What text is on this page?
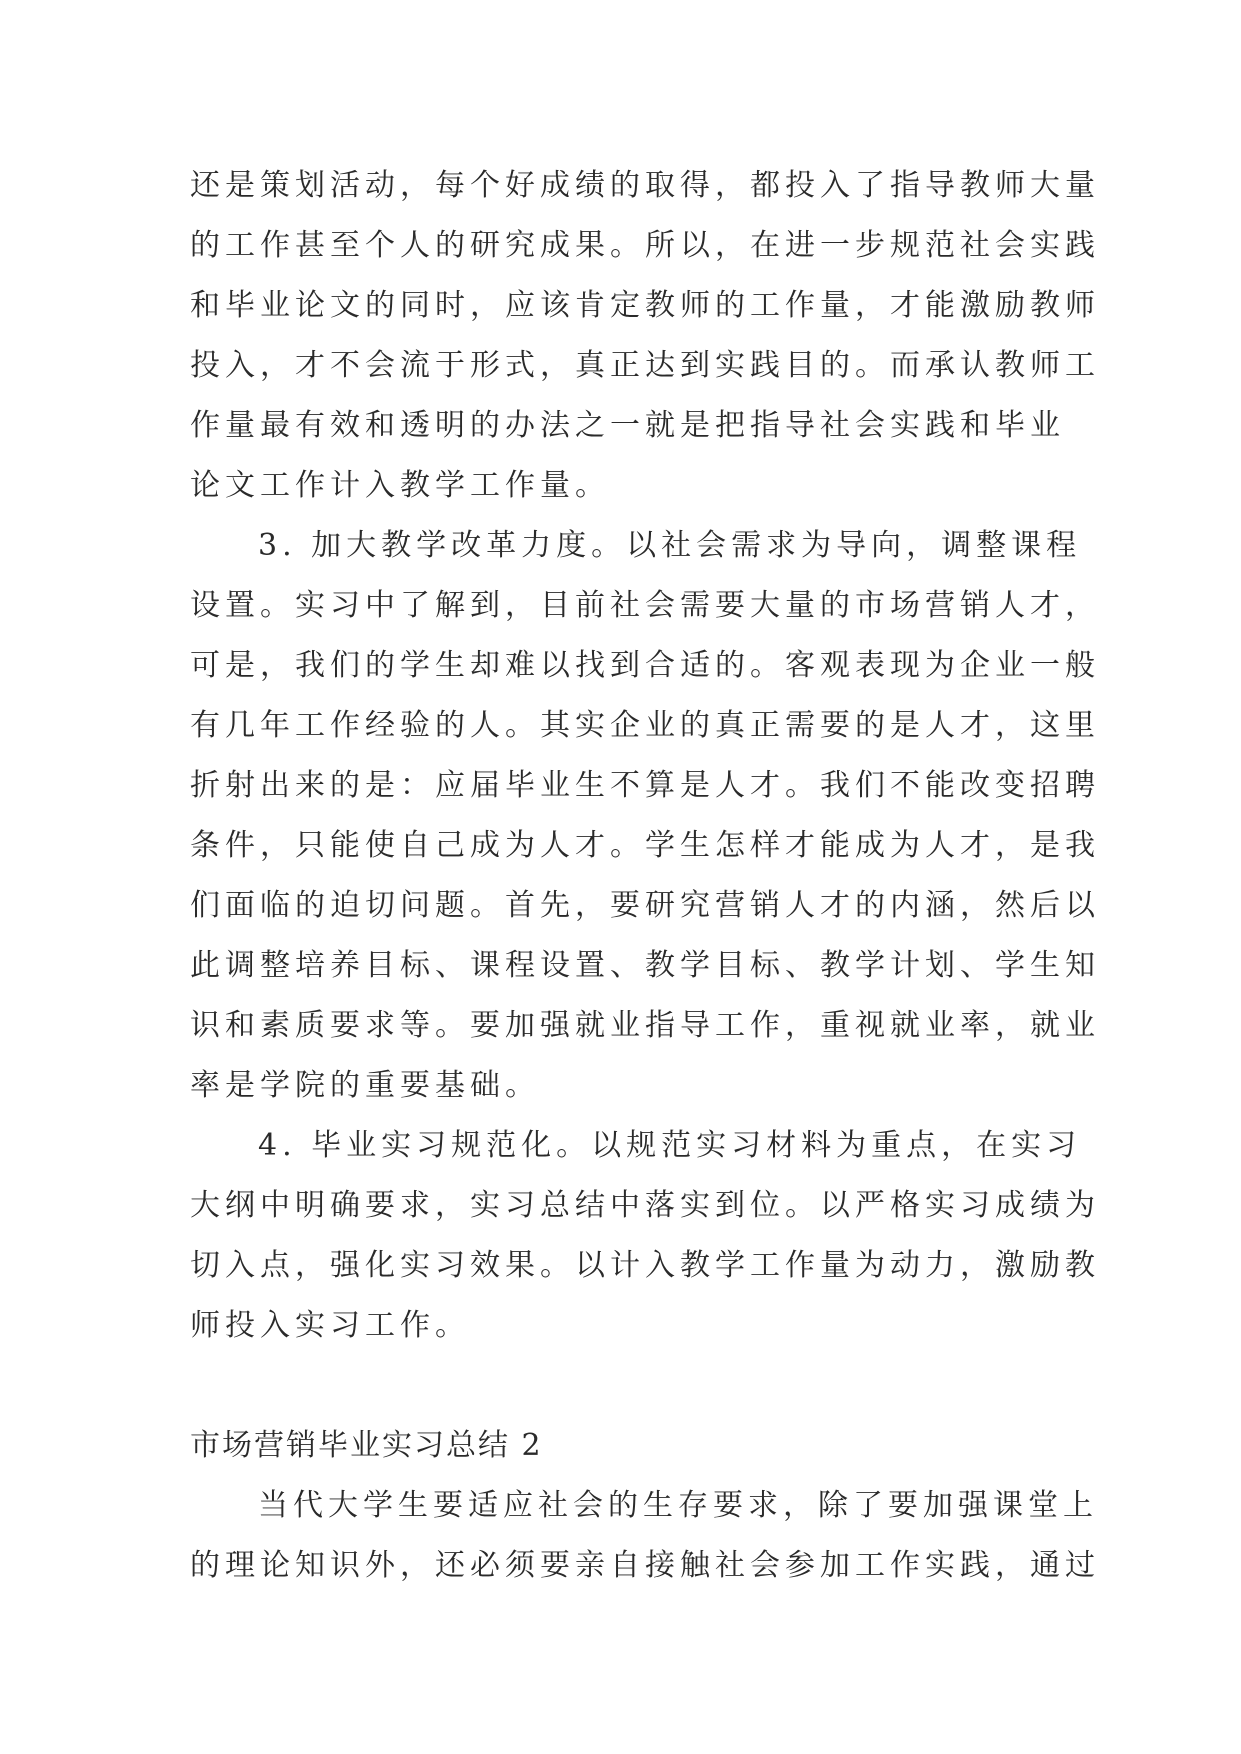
还是策划活动，每个好成绩的取得，都投入了指导教师大量
的工作甚至个人的研究成果。所以，在进一步规范社会实践
和毕业论文的同时，应该肯定教师的工作量，才能激励教师
投入，才不会流于形式，真正达到实践目的。而承认教师工
作量最有效和透明的办法之一就是把指导社会实践和毕业
论文工作计入教学工作量。
3. 加大教学改革力度。以社会需求为导向，调整课程
设置。实习中了解到，目前社会需要大量的市场营销人才，
可是，我们的学生却难以找到合适的。客观表现为企业一般
有几年工作经验的人。其实企业的真正需要的是人才，这里
折射出来的是：应届毕业生不算是人才。我们不能改变招聘
条件，只能使自己成为人才。学生怎样才能成为人才，是我
们面临的迫切问题。首先，要研究营销人才的内涵，然后以
此调整培养目标、课程设置、教学目标、教学计划、学生知
识和素质要求等。要加强就业指导工作，重视就业率，就业
率是学院的重要基础。
4. 毕业实习规范化。以规范实习材料为重点，在实习
大纲中明确要求，实习总结中落实到位。以严格实习成绩为
切入点，强化实习效果。以计入教学工作量为动力，激励教
师投入实习工作。
市场营销毕业实习总结 2
当代大学生要适应社会的生存要求，除了要加强课堂上
的理论知识外，还必须要亲自接触社会参加工作实践，通过
